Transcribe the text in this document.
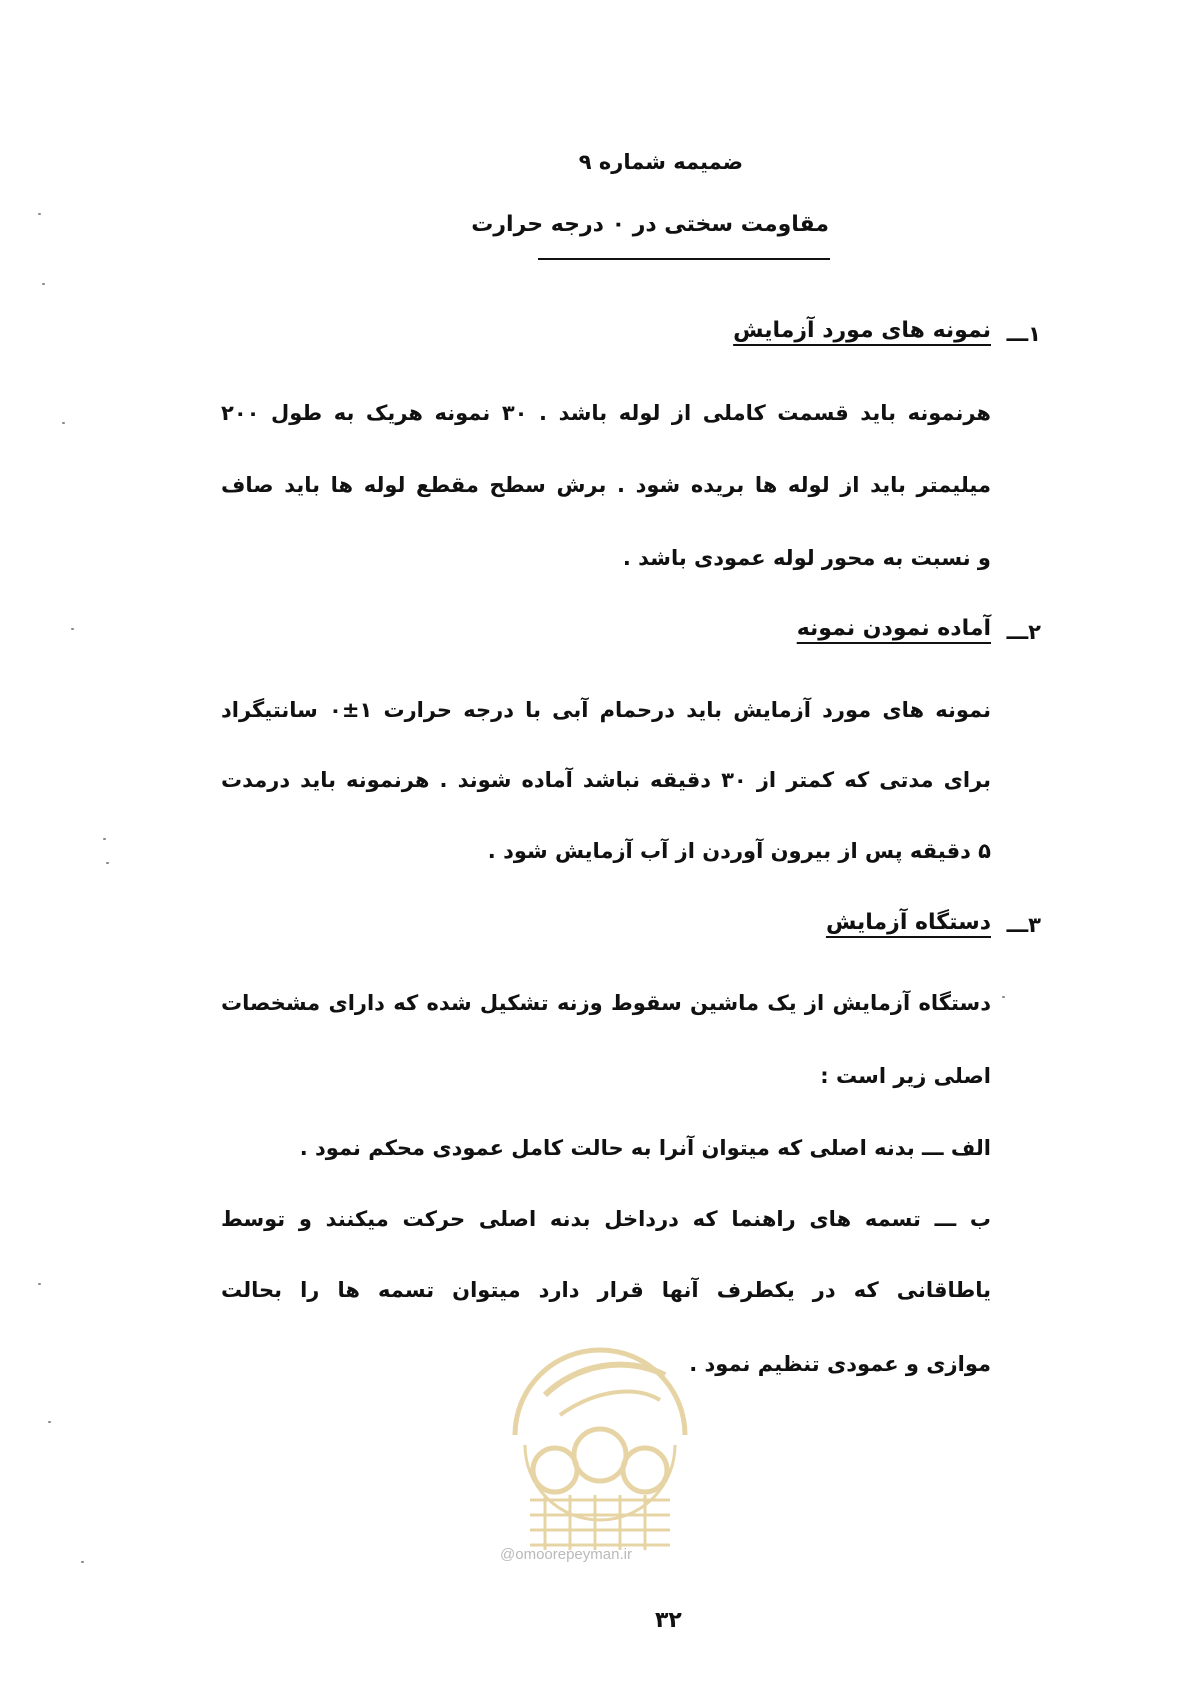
ضمیمه شماره ۹
مقاومت سختی در ۰ درجه حرارت
۱ـــ
نمونه های مورد آزمایش
هرنمونه باید قسمت کاملی از لوله باشد . ۳۰ نمونه هریک به طول ۲۰۰
میلیمتر باید از لوله ها بریده شود . برش سطح مقطع لوله ها باید صاف
و نسبت به محور لوله عمودی باشد .
۲ـــ
آماده نمودن نمونه
نمونه های مورد آزمایش باید درحمام آبی با درجه حرارت ۱±۰ سانتیگراد
برای مدتی که کمتر از ۳۰ دقیقه نباشد آماده شوند . هرنمونه باید درمدت
۵ دقیقه پس از بیرون آوردن از آب آزمایش شود .
۳ـــ
دستگاه آزمایش
دستگاه آزمایش از یک ماشین سقوط وزنه تشکیل شده که دارای مشخصات
اصلی زیر است :
الف ـــ بدنه اصلی که میتوان آنرا به حالت کامل عمودی محکم نمود .
ب ـــ تسمه های راهنما که درداخل بدنه اصلی حرکت میکنند و توسط
یاطاقانی که در یکطرف آنها قرار دارد میتوان تسمه ها را بحالت
موازی و عمودی تنظیم نمود .
@omoorepeyman.ir
۳۲
